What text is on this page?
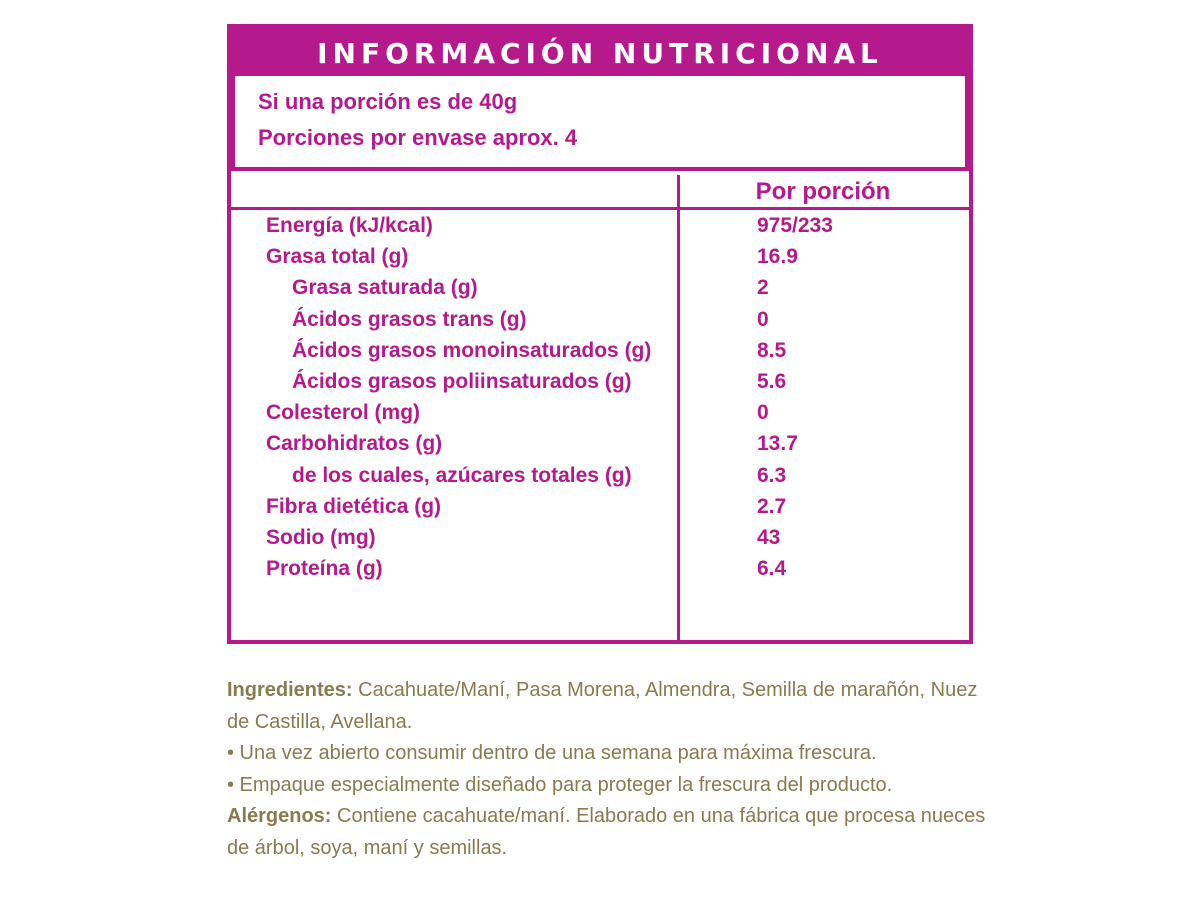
INFORMACIÓN NUTRICIONAL
Si una porción es de 40g
Porciones por envase aprox. 4
Por porción
Energía (kJ/kcal)	975/233
Grasa total (g)	16.9
Grasa saturada (g)	2
Ácidos grasos trans (g)	0
Ácidos grasos monoinsaturados (g)	8.5
Ácidos grasos poliinsaturados (g)	5.6
Colesterol (mg)	0
Carbohidratos (g)	13.7
de los cuales, azúcares totales (g)	6.3
Fibra dietética (g)	2.7
Sodio (mg)	43
Proteína (g)	6.4

Ingredientes: Cacahuate/Maní, Pasa Morena, Almendra, Semilla de marañón, Nuez de Castilla, Avellana.

• Una vez abierto consumir dentro de una semana para máxima frescura.

• Empaque especialmente diseñado para proteger la frescura del producto.

Alérgenos: Contiene cacahuate/maní. Elaborado en una fábrica que procesa nueces de árbol, soya, maní y semillas.
